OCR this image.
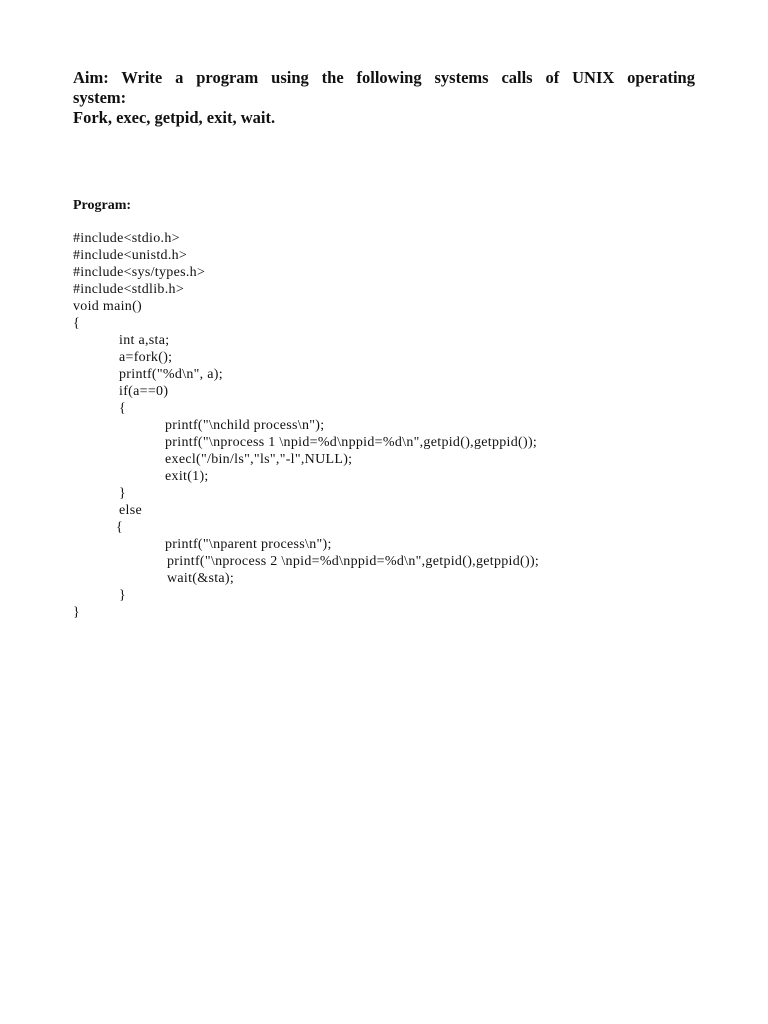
Aim: Write a program using the following systems calls of UNIX operating
system:
Fork, exec, getpid, exit, wait.
Program:
#include<stdio.h>
#include<unistd.h>
#include<sys/types.h>
#include<stdlib.h>
void main()
{
int a,sta;
a=fork();
printf("%d\n", a);
if(a==0)
{
printf("\nchild process\n");
printf("\nprocess 1 \npid=%d\nppid=%d\n",getpid(),getppid());
execl("/bin/ls","ls","-l",NULL);
exit(1);
}
else
{
printf("\nparent process\n");
printf("\nprocess 2 \npid=%d\nppid=%d\n",getpid(),getppid());
wait(&sta);
}
}
